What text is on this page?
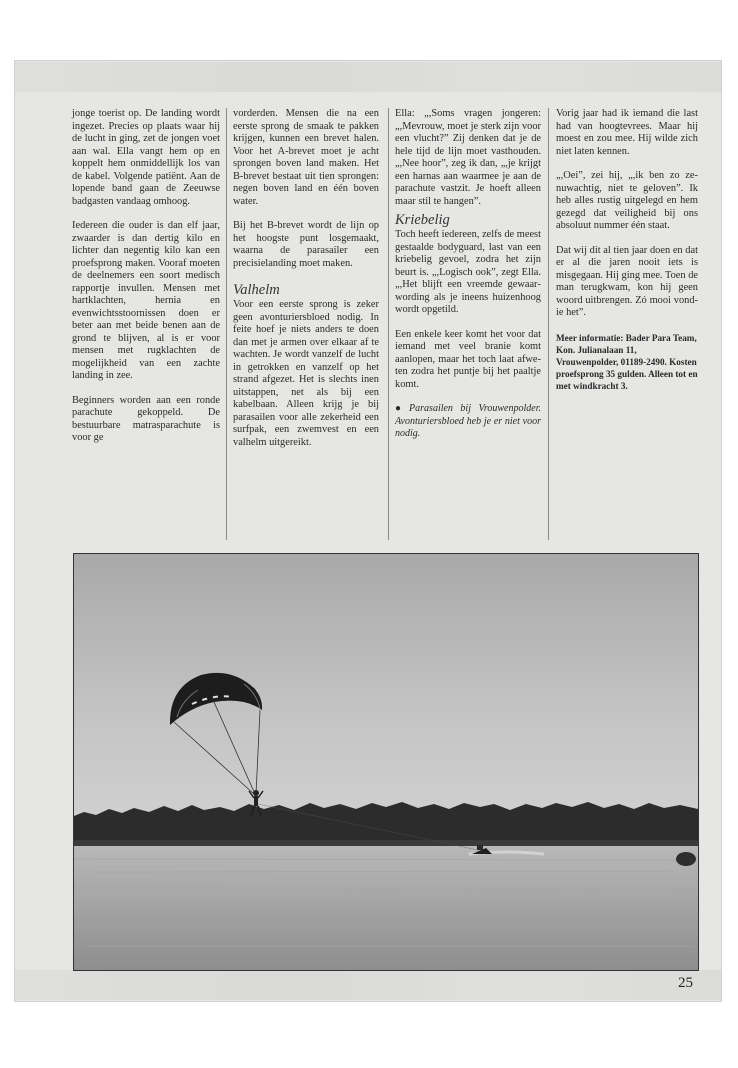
jonge toerist op. De landing wordt ingezet. Precies op plaats waar hij de lucht in ging, zet de jongen voet aan wal. Ella vangt hem op en koppelt hem onmiddellijk los van de kabel. Volgende patiënt. Aan de lopende band gaan de Zeeuwse badgasten vandaag omhoog.

Iedereen die ouder is dan elf jaar, zwaarder is dan dertig kilo en lichter dan negentig kilo kan een proefsprong maken. Vooraf moeten de deelnemers een soort medisch rapportje invullen. Mensen met hartklachten, hernia en evenwichtsstoornissen doen er beter aan met beide benen aan de grond te blijven, al is er voor mensen met rugklachten de mogelijkheid van een zachte landing in zee.

Beginners worden aan een ronde parachute gekoppeld. De bestuurbare matrasparachute is voor ge

vorderden. Mensen die na een eerste sprong de smaak te pakken krijgen, kunnen een brevet halen. Voor het A-brevet moet je acht sprongen boven land maken. Het B-brevet bestaat uit tien sprongen: negen boven land en één boven water.

Bij het B-brevet wordt de lijn op het hoogste punt losgemaakt, waarna de parasailer een precisielanding moet maken.

Valhelm

Voor een eerste sprong is zeker geen avonturiersbloed nodig. In feite hoef je niets anders te doen dan met je armen over elkaar af te wachten. Je wordt vanzelf de lucht in getrokken en vanzelf op het strand afgezet. Het is slechts inen uitstappen, net als bij een kabelbaan. Alleen krijg je bij parasailen voor alle zekerheid een surfpak, een zwemvest en een valhelm uitgereikt.

Ella: „,Soms vragen jongeren: „,Mevrouw, moet je sterk zijn voor een vlucht?” Zij denken dat je de hele tijd de lijn moet vasthouden. „,Nee hoor”, zeg ik dan, „,je krijgt een harnas aan waarmee je aan de parachute vastzit. Je hoeft alleen maar stil te hangen”.

Kriebelig

Toch heeft iedereen, zelfs de meest gestaalde bodyguard, last van een kriebelig gevoel, zodra het zijn beurt is. „,Logisch ook”, zegt Ella. „,Het blijft een vreemde gewaarwording als je ineens huizenhoog wordt opgetild.

Een enkele keer komt het voor dat iemand met veel branie komt aanlopen, maar het toch laat afweten zodra het puntje bij het paaltje komt.

● Parasailen bij Vrouwenpolder. Avonturiersbloed heb je er niet voor nodig.

Vorig jaar had ik iemand die last had van hoogtevrees. Maar hij moest en zou mee. Hij wilde zich niet laten kennen.

„,Oei”, zei hij, „,ik ben zo zenuwachtig, niet te geloven”. Ik heb alles rustig uitgelegd en hem gezegd dat veiligheid bij ons absoluut nummer één staat.

Dat wij dit al tien jaar doen en dat er al die jaren nooit iets is misgegaan. Hij ging mee. Toen de man terugkwam, kon hij geen woord uitbrengen. Zó mooi vond-ie het”.

Meer informatie: Bader Para Team, Kon. Julianalaan 11, Vrouwenpolder, 01189-2490. Kosten proefsprong 35 gulden. Alleen tot en met windkracht 3.

25
